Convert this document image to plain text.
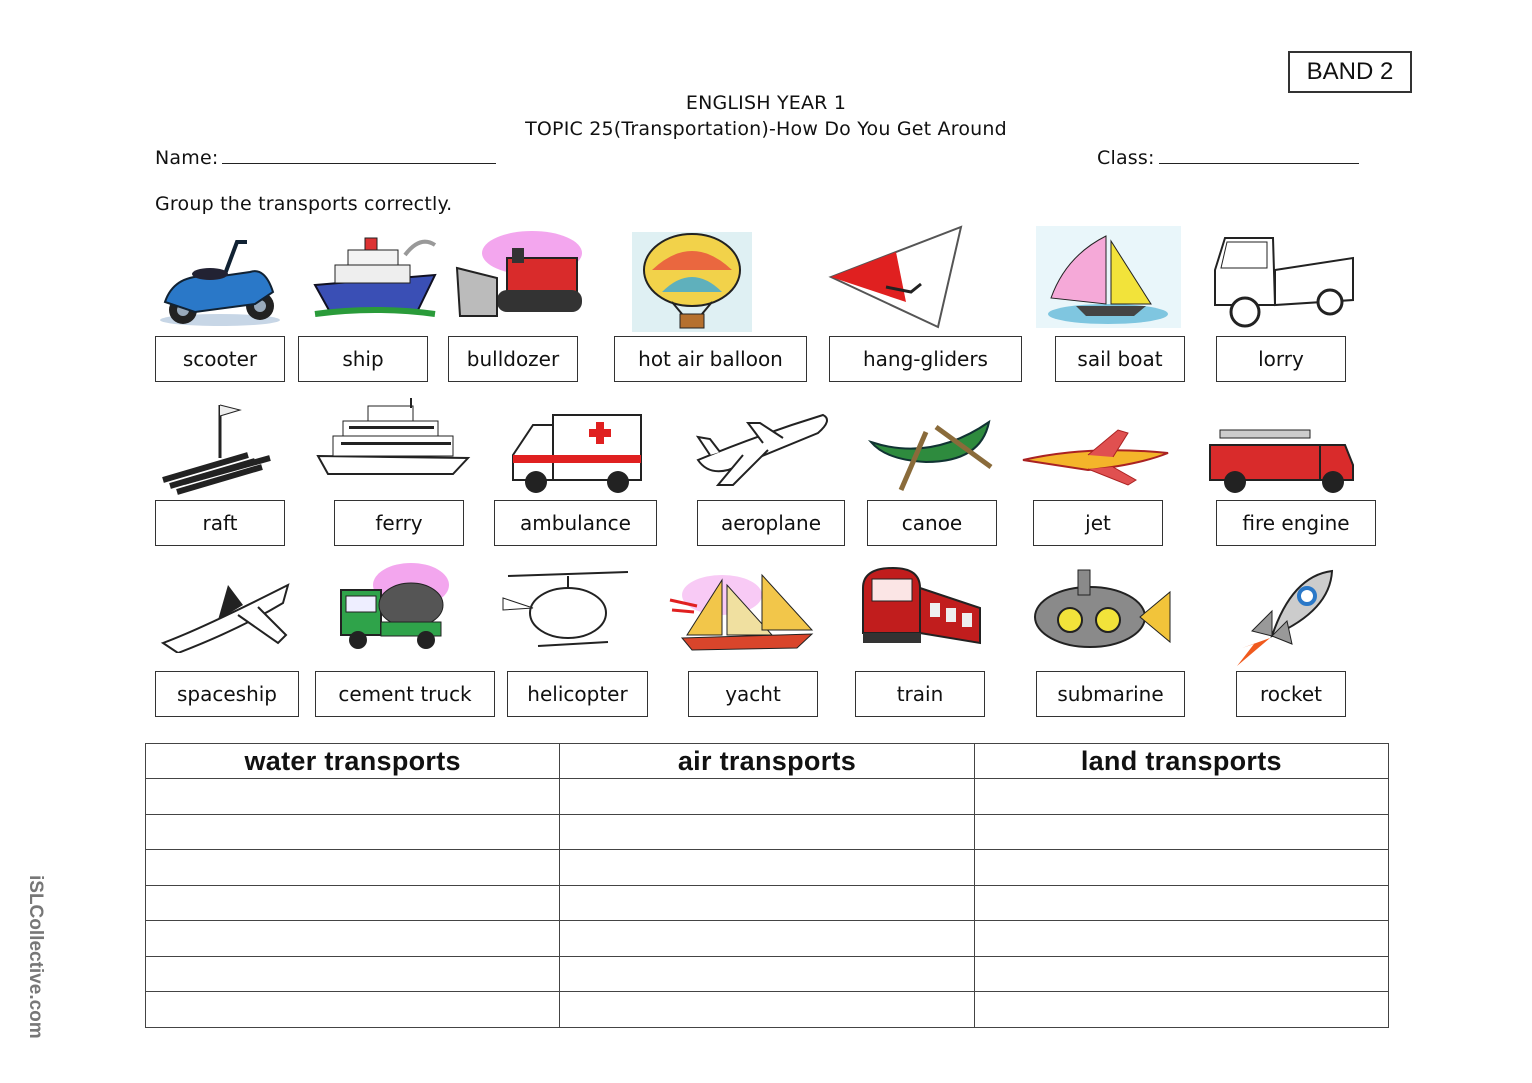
BAND 2
ENGLISH YEAR 1
TOPIC 25(Transportation)-How Do You Get Around
Name:	Class:
Group the transports correctly.
scooter	ship	bulldozer	hot air balloon	hang-gliders	sail boat	lorry
raft	ferry	ambulance	aeroplane	canoe	jet	fire engine
spaceship	cement truck	helicopter	yacht	train	submarine	rocket
water transports	air transports	land transports

iSLCollective.com
